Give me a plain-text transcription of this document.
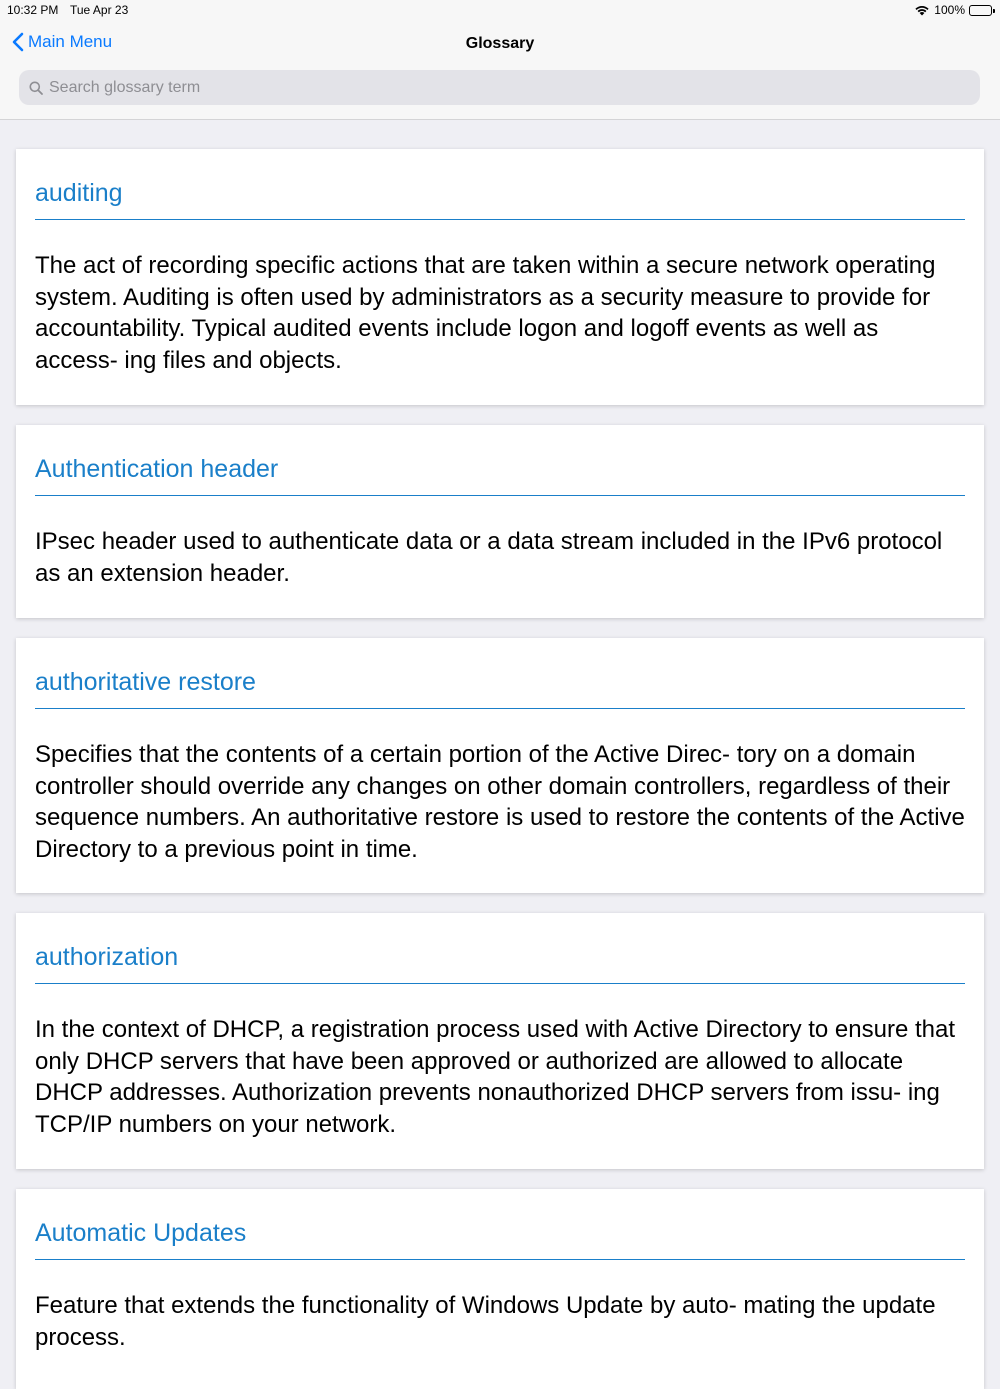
10:32 PM Tue Apr 23	100%
Main Menu	Glossary
Search glossary term
auditing
The act of recording specific actions that are taken within a secure network operating system. Auditing is often used by administrators as a security measure to provide for accountability. Typical audited events include logon and logoff events as well as access- ing files and objects.
Authentication header
IPsec header used to authenticate data or a data stream included in the IPv6 protocol as an extension header.
authoritative restore
Specifies that the contents of a certain portion of the Active Direc- tory on a domain controller should override any changes on other domain controllers, regardless of their sequence numbers. An authoritative restore is used to restore the contents of the Active Directory to a previous point in time.
authorization
In the context of DHCP, a registration process used with Active Directory to ensure that only DHCP servers that have been approved or authorized are allowed to allocate DHCP addresses. Authorization prevents nonauthorized DHCP servers from issu- ing TCP/IP numbers on your network.
Automatic Updates
Feature that extends the functionality of Windows Update by auto- mating the update process.
